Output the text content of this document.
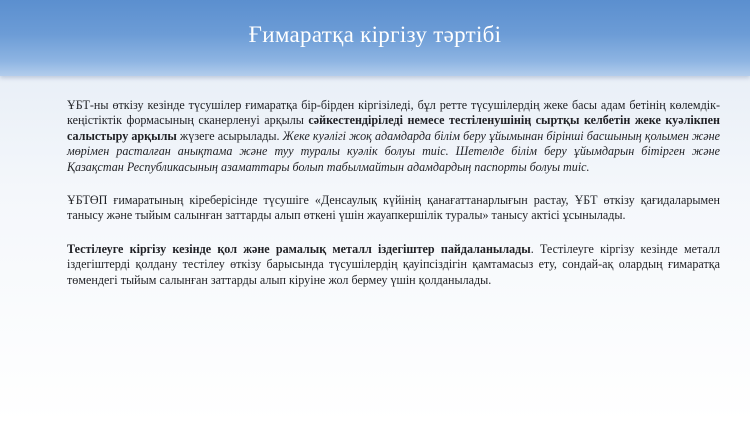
Ғимаратқа кіргізу тәртібі

ҰБТ-ны өткізу кезінде түсушілер ғимаратқа бір-бірден кіргізіледі, бұл ретте түсушілердің жеке басы адам бетінің көлемдік-кеңістіктік формасының сканерленуі арқылы сәйкестендіріледі немесе тестіленушінің сыртқы келбетін жеке куәлікпен салыстыру арқылы жүзеге асырылады. Жеке куәлігі жоқ адамдарда білім беру ұйымынан бірінші басшының қолымен және мөрімен расталған анықтама және туу туралы куәлік болуы тиіс. Шетелде білім беру ұйымдарын бітірген және Қазақстан Республикасының азаматтары болып табылмайтын адамдардың паспорты болуы тиіс.

ҰБТӨП ғимаратының кіреберісінде түсушіге «Денсаулық күйінің қанағаттанарлығын растау, ҰБТ өткізу қағидаларымен танысу және тыйым салынған заттарды алып өткені үшін жауапкершілік туралы» танысу актісі ұсынылады.

Тестілеуге кіргізу кезінде қол және рамалық металл іздегіштер пайдаланылады. Тестілеуге кіргізу кезінде металл іздегіштерді қолдану тестілеу өткізу барысында түсушілердің қауіпсіздігін қамтамасыз ету, сондай-ақ олардың ғимаратқа төмендегі тыйым салынған заттарды алып кіруіне жол бермеу үшін қолданылады.
